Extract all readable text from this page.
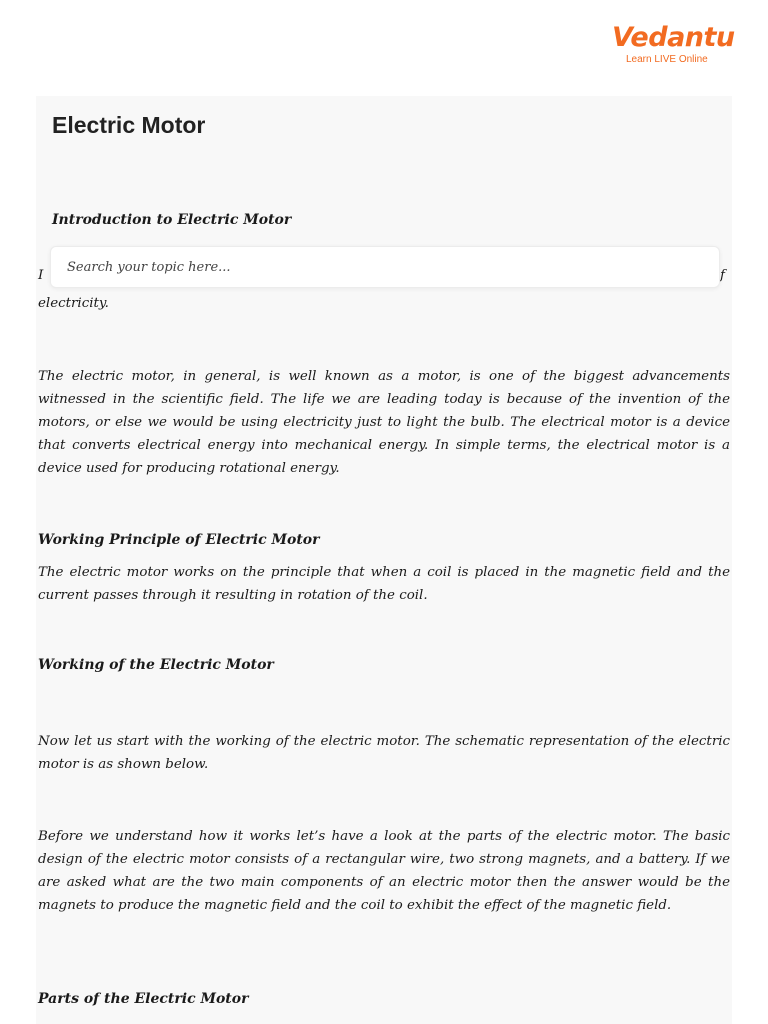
Vedantu
Learn LIVE Online
Electric Motor
Introduction to Electric Motor
I	f
electricity.
Search your topic here...
The electric motor, in general, is well known as a motor, is one of the biggest advancements witnessed in the scientific field. The life we are leading today is because of the invention of the motors, or else we would be using electricity just to light the bulb. The electrical motor is a device that converts electrical energy into mechanical energy. In simple terms, the electrical motor is a device used for producing rotational energy.
Working Principle of Electric Motor
The electric motor works on the principle that when a coil is placed in the magnetic field and the current passes through it resulting in rotation of the coil.
Working of the Electric Motor
Now let us start with the working of the electric motor. The schematic representation of the electric motor is as shown below.
Before we understand how it works let’s have a look at the parts of the electric motor. The basic design of the electric motor consists of a rectangular wire, two strong magnets, and a battery. If we are asked what are the two main components of an electric motor then the answer would be the magnets to produce the magnetic field and the coil to exhibit the effect of the magnetic field.
Parts of the Electric Motor
